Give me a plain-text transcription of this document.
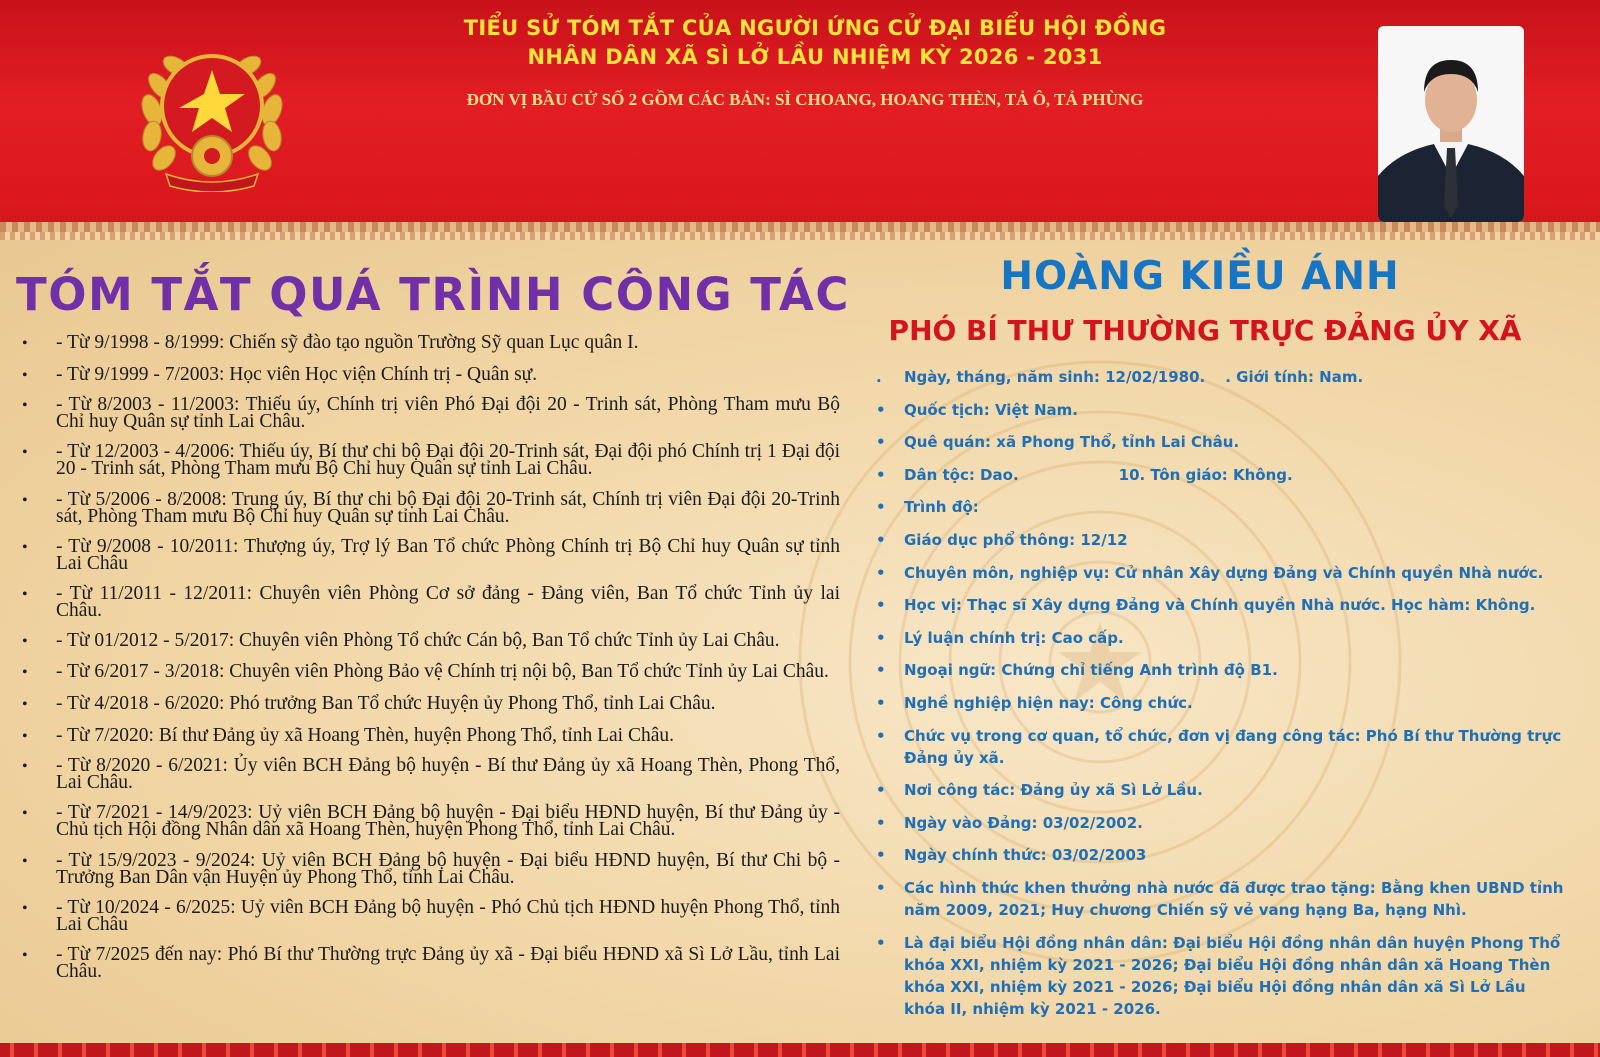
TIỂU SỬ TÓM TẮT CỦA NGƯỜI ỨNG CỬ ĐẠI BIỂU HỘI ĐỒNG
NHÂN DÂN XÃ SÌ LỞ LẦU NHIỆM KỲ 2026 - 2031
ĐƠN VỊ BẦU CỬ SỐ 2 GỒM CÁC BẢN: SÌ CHOANG, HOANG THÈN, TẢ Ô, TẢ PHÙNG
TÓM TẮT QUÁ TRÌNH CÔNG TÁC
• - Từ 9/1998 - 8/1999: Chiến sỹ đào tạo nguồn Trường Sỹ quan Lục quân I.
• - Từ 9/1999 - 7/2003: Học viên Học viện Chính trị - Quân sự.
• - Từ 8/2003 - 11/2003: Thiếu úy, Chính trị viên Phó Đại đội 20 - Trinh sát, Phòng Tham mưu Bộ Chỉ huy Quân sự tỉnh Lai Châu.
• - Từ 12/2003 - 4/2006: Thiếu úy, Bí thư chi bộ Đại đội 20-Trinh sát, Đại đội phó Chính trị 1 Đại đội 20 - Trinh sát, Phòng Tham mưu Bộ Chỉ huy Quân sự tỉnh Lai Châu.
• - Từ 5/2006 - 8/2008: Trung úy, Bí thư chi bộ Đại đội 20-Trinh sát, Chính trị viên Đại đội 20-Trinh sát, Phòng Tham mưu Bộ Chỉ huy Quân sự tỉnh Lai Châu.
• - Từ 9/2008 - 10/2011: Thượng úy, Trợ lý Ban Tổ chức Phòng Chính trị Bộ Chỉ huy Quân sự tỉnh Lai Châu
• - Từ 11/2011 - 12/2011: Chuyên viên Phòng Cơ sở đảng - Đảng viên, Ban Tổ chức Tỉnh ủy lai Châu.
• - Từ 01/2012 - 5/2017: Chuyên viên Phòng Tổ chức Cán bộ, Ban Tổ chức Tỉnh ủy Lai Châu.
• - Từ 6/2017 - 3/2018: Chuyên viên Phòng Bảo vệ Chính trị nội bộ, Ban Tổ chức Tỉnh ủy Lai Châu.
• - Từ 4/2018 - 6/2020: Phó trưởng Ban Tổ chức Huyện ủy Phong Thổ, tỉnh Lai Châu.
• - Từ 7/2020: Bí thư Đảng ủy xã Hoang Thèn, huyện Phong Thổ, tỉnh Lai Châu.
• - Từ 8/2020 - 6/2021: Ủy viên BCH Đảng bộ huyện - Bí thư Đảng ủy xã Hoang Thèn, Phong Thổ, Lai Châu.
• - Từ 7/2021 - 14/9/2023: Uỷ viên BCH Đảng bộ huyện - Đại biểu HĐND huyện, Bí thư Đảng ủy - Chủ tịch Hội đồng Nhân dân xã Hoang Thèn, huyện Phong Thổ, tỉnh Lai Châu.
• - Từ 15/9/2023 - 9/2024: Uỷ viên BCH Đảng bộ huyện - Đại biểu HĐND huyện, Bí thư Chi bộ - Trưởng Ban Dân vận Huyện ủy Phong Thổ, tỉnh Lai Châu.
• - Từ 10/2024 - 6/2025: Uỷ viên BCH Đảng bộ huyện - Phó Chủ tịch HĐND huyện Phong Thổ, tỉnh Lai Châu
• - Từ 7/2025 đến nay: Phó Bí thư Thường trực Đảng ủy xã - Đại biểu HĐND xã Sì Lở Lầu, tỉnh Lai Châu.
HOÀNG KIỀU ÁNH
PHÓ BÍ THƯ THƯỜNG TRỰC ĐẢNG ỦY XÃ
. Ngày, tháng, năm sinh: 12/02/1980. . Giới tính: Nam.
• Quốc tịch: Việt Nam.
• Quê quán: xã Phong Thổ, tỉnh Lai Châu.
• Dân tộc: Dao.	10. Tôn giáo: Không.
• Trình độ:
• Giáo dục phổ thông: 12/12
• Chuyên môn, nghiệp vụ: Cử nhân Xây dựng Đảng và Chính quyền Nhà nước.
• Học vị: Thạc sĩ Xây dựng Đảng và Chính quyền Nhà nước. Học hàm: Không.
• Lý luận chính trị: Cao cấp.
• Ngoại ngữ: Chứng chỉ tiếng Anh trình độ B1.
• Nghề nghiệp hiện nay: Công chức.
• Chức vụ trong cơ quan, tổ chức, đơn vị đang công tác: Phó Bí thư Thường trực Đảng ủy xã.
• Nơi công tác: Đảng ủy xã Sì Lở Lầu.
• Ngày vào Đảng: 03/02/2002.
• Ngày chính thức: 03/02/2003
• Các hình thức khen thưởng nhà nước đã được trao tặng: Bằng khen UBND tỉnh năm 2009, 2021; Huy chương Chiến sỹ vẻ vang hạng Ba, hạng Nhì.
• Là đại biểu Hội đồng nhân dân: Đại biểu Hội đồng nhân dân huyện Phong Thổ khóa XXI, nhiệm kỳ 2021 - 2026; Đại biểu Hội đồng nhân dân xã Hoang Thèn khóa XXI, nhiệm kỳ 2021 - 2026; Đại biểu Hội đồng nhân dân xã Sì Lở Lầu khóa II, nhiệm kỳ 2021 - 2026.
